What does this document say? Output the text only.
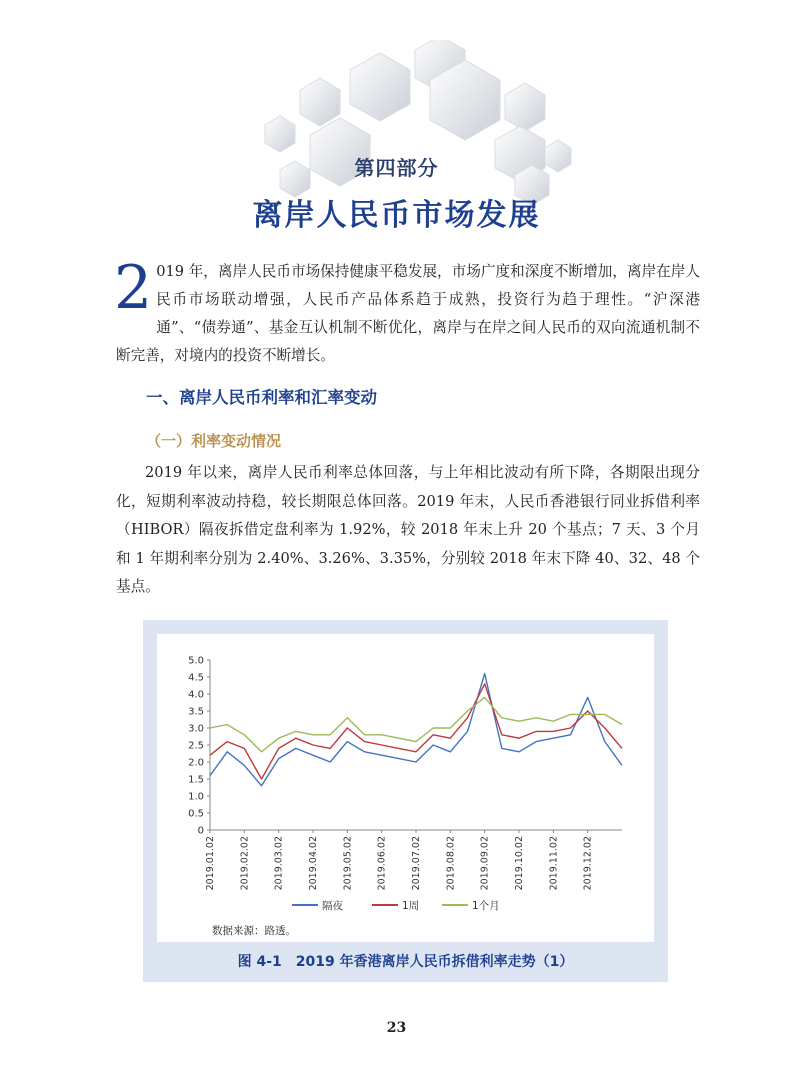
第四部分
离岸人民币市场发展
2 019 年，离岸人民币市场保持健康平稳发展，市场广度和深度不断增加，离岸在岸人民币市场联动增强，人民币产品体系趋于成熟，投资行为趋于理性。“沪深港通”、“债券通”、基金互认机制不断优化，离岸与在岸之间人民币的双向流通机制不断完善，对境内的投资不断增长。
一、离岸人民币利率和汇率变动
（一）利率变动情况
2019 年以来，离岸人民币利率总体回落，与上年相比波动有所下降，各期限出现分化，短期利率波动持稳，较长期限总体回落。2019 年末，人民币香港银行同业拆借利率（HIBOR）隔夜拆借定盘利率为 1.92%，较 2018 年末上升 20 个基点；7 天、3 个月和 1 年期利率分别为 2.40%、3.26%、3.35%，分别较 2018 年末下降 40、32、48 个基点。
0
0.5
1.0
1.5
2.0
2.5
3.0
3.5
4.0
4.5
5.0
2019.01.02 2019.02.02 2019.03.02 2019.04.02 2019.05.02 2019.06.02 2019.07.02 2019.08.02 2019.09.02 2019.10.02 2019.11.02 2019.12.02
隔夜	1周	1个月
数据来源：路透。
图 4-1　2019 年香港离岸人民币拆借利率走势（1）
23
